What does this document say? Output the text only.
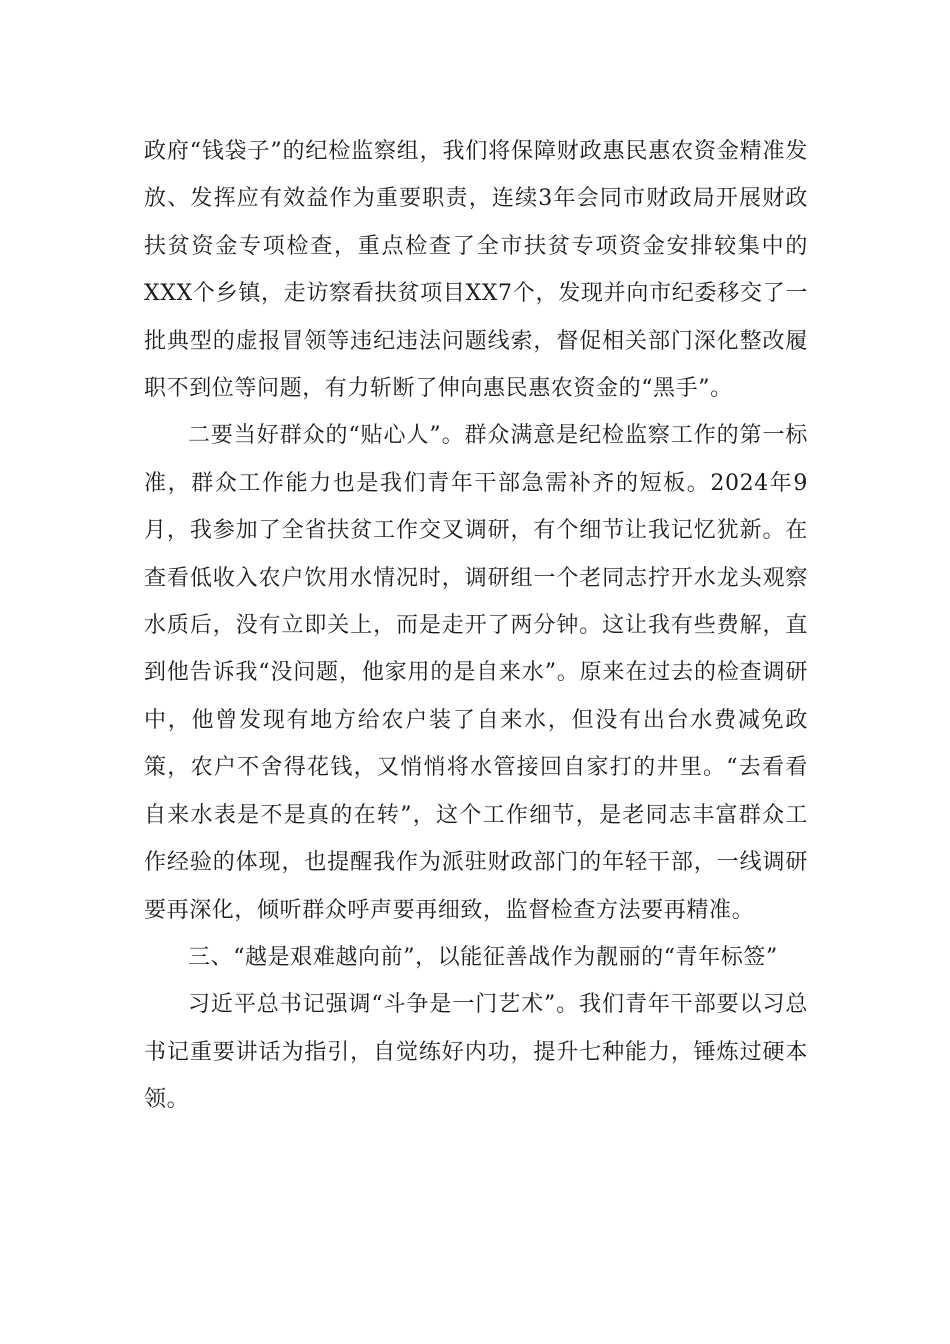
政府“钱袋子”的纪检监察组，我们将保障财政惠民惠农资金精准发放、发挥应有效益作为重要职责，连续3年会同市财政局开展财政扶贫资金专项检查，重点检查了全市扶贫专项资金安排较集中的XXX个乡镇，走访察看扶贫项目XX7个，发现并向市纪委移交了一批典型的虚报冒领等违纪违法问题线索，督促相关部门深化整改履职不到位等问题，有力斩断了伸向惠民惠农资金的“黑手”。

二要当好群众的“贴心人”。群众满意是纪检监察工作的第一标准，群众工作能力也是我们青年干部急需补齐的短板。2024年9月，我参加了全省扶贫工作交叉调研，有个细节让我记忆犹新。在查看低收入农户饮用水情况时，调研组一个老同志拧开水龙头观察水质后，没有立即关上，而是走开了两分钟。这让我有些费解，直到他告诉我“没问题，他家用的是自来水”。原来在过去的检查调研中，他曾发现有地方给农户装了自来水，但没有出台水费减免政策，农户不舍得花钱，又悄悄将水管接回自家打的井里。“去看看自来水表是不是真的在转”，这个工作细节，是老同志丰富群众工作经验的体现，也提醒我作为派驻财政部门的年轻干部，一线调研要再深化，倾听群众呼声要再细致，监督检查方法要再精准。

三、“越是艰难越向前”，以能征善战作为靓丽的“青年标签”

习近平总书记强调“斗争是一门艺术”。我们青年干部要以习总书记重要讲话为指引，自觉练好内功，提升七种能力，锤炼过硬本领。
